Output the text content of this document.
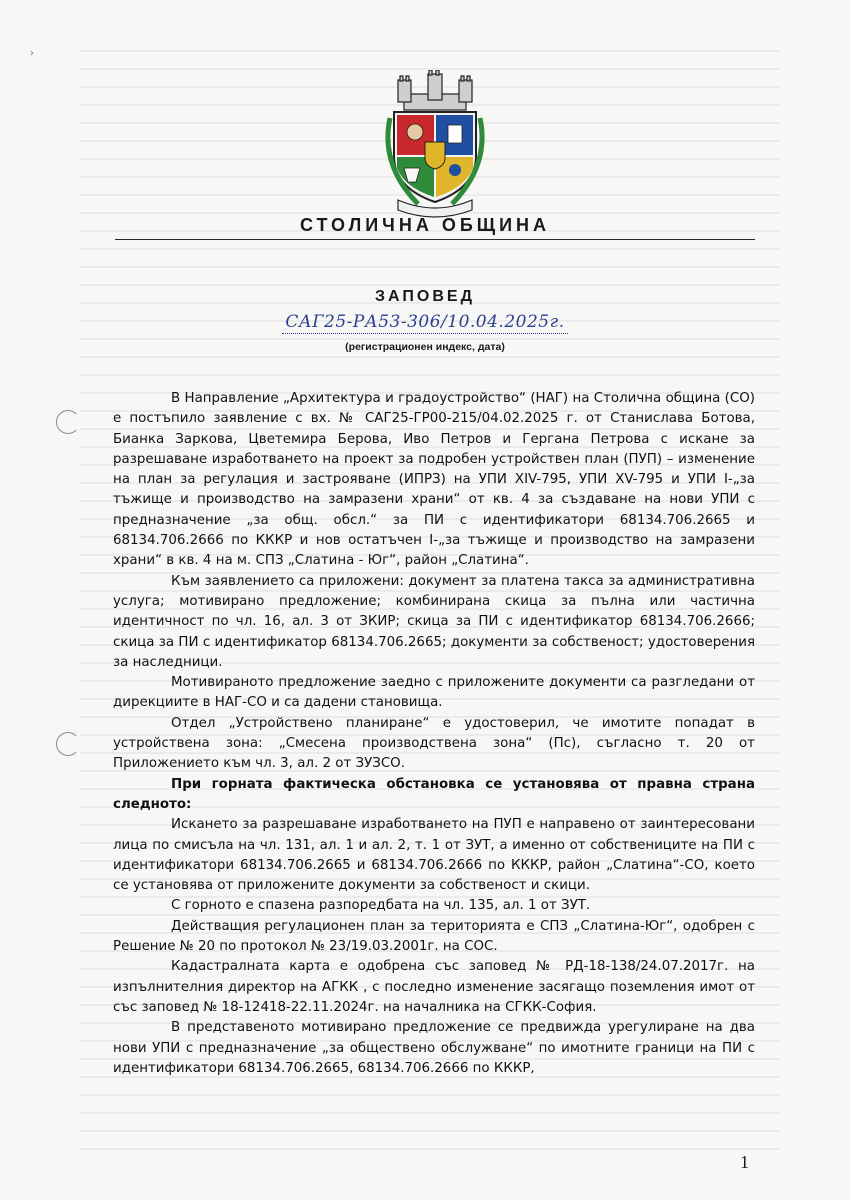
›
СТОЛИЧНА ОБЩИНА
ЗАПОВЕД
САГ25-РА53-306/10.04.2025г.
(регистрационен индекс, дата)

В Направление „Архитектура и градоустройство“ (НАГ) на Столична община (СО) е постъпило заявление с вх. № САГ25-ГР00-215/04.02.2025 г. от Станислава Ботова, Бианка Заркова, Цветемира Берова, Иво Петров и Гергана Петрова с искане за разрешаване изработването на проект за подробен устройствен план (ПУП) – изменение на план за регулация и застрояване (ИПРЗ) на УПИ XIV-795, УПИ XV-795 и УПИ I-„за тъжище и производство на замразени храни“ от кв. 4 за създаване на нови УПИ с предназначение „за общ. обсл.“ за ПИ с идентификатори 68134.706.2665 и 68134.706.2666 по КККР и нов остатъчен I-„за тъжище и производство на замразени храни“ в кв. 4 на м. СПЗ „Слатина - Юг“, район „Слатина“.

Към заявлението са приложени: документ за платена такса за административна услуга; мотивирано предложение; комбинирана скица за пълна или частична идентичност по чл. 16, ал. 3 от ЗКИР; скица за ПИ с идентификатор 68134.706.2666; скица за ПИ с идентификатор 68134.706.2665; документи за собственост; удостоверения за наследници.

Мотивираното предложение заедно с приложените документи са разгледани от дирекциите в НАГ-СО и са дадени становища.

Отдел „Устройствено планиране“ е удостоверил, че имотите попадат в устройствена зона: „Смесена производствена зона“ (Пс), съгласно т. 20 от Приложението към чл. 3, ал. 2 от ЗУЗСО.

При горната фактическа обстановка се установява от правна страна следното:

Искането за разрешаване изработването на ПУП е направено от заинтересовани лица по смисъла на чл. 131, ал. 1 и ал. 2, т. 1 от ЗУТ, а именно от собствениците на ПИ с идентификатори 68134.706.2665 и 68134.706.2666 по КККР, район „Слатина“-СО, което се установява от приложените документи за собственост и скици.

С горното е спазена разпоредбата на чл. 135, ал. 1 от ЗУТ.

Действащия регулационен план за територията е СПЗ „Слатина-Юг“, одобрен с Решение № 20 по протокол № 23/19.03.2001г. на СОС.

Кадастралната карта е одобрена със заповед № РД-18-138/24.07.2017г. на изпълнителния директор на АГКК , с последно изменение засягащо поземления имот от със заповед № 18-12418-22.11.2024г. на началника на СГКК-София.

В представеното мотивирано предложение се предвижда урегулиране на два нови УПИ с предназначение „за обществено обслужване“ по имотните граници на ПИ с идентификатори 68134.706.2665, 68134.706.2666 по КККР,

1
